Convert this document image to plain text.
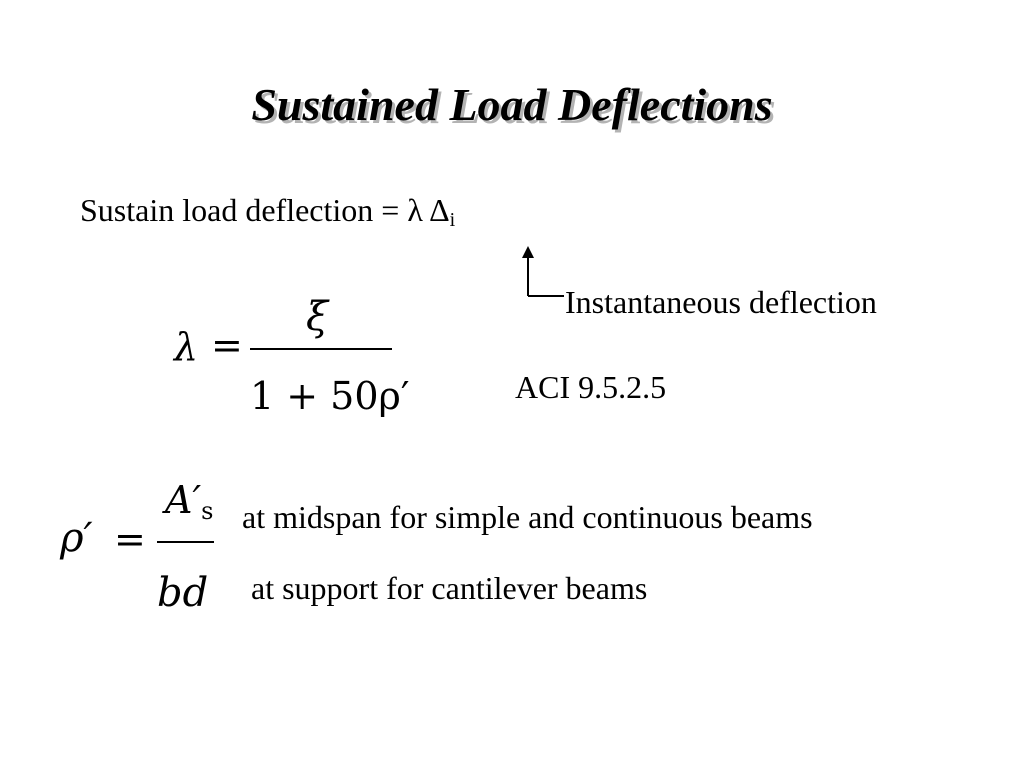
Sustained Load Deflections
Sustain load deflection = λ Δi
Instantaneous deflection
λ =
ξ
1 + 50ρ′	ACI 9.5.2.5
ρ′ =
$A'_s$
bd
at midspan for simple and continuous beams
at support for cantilever beams
